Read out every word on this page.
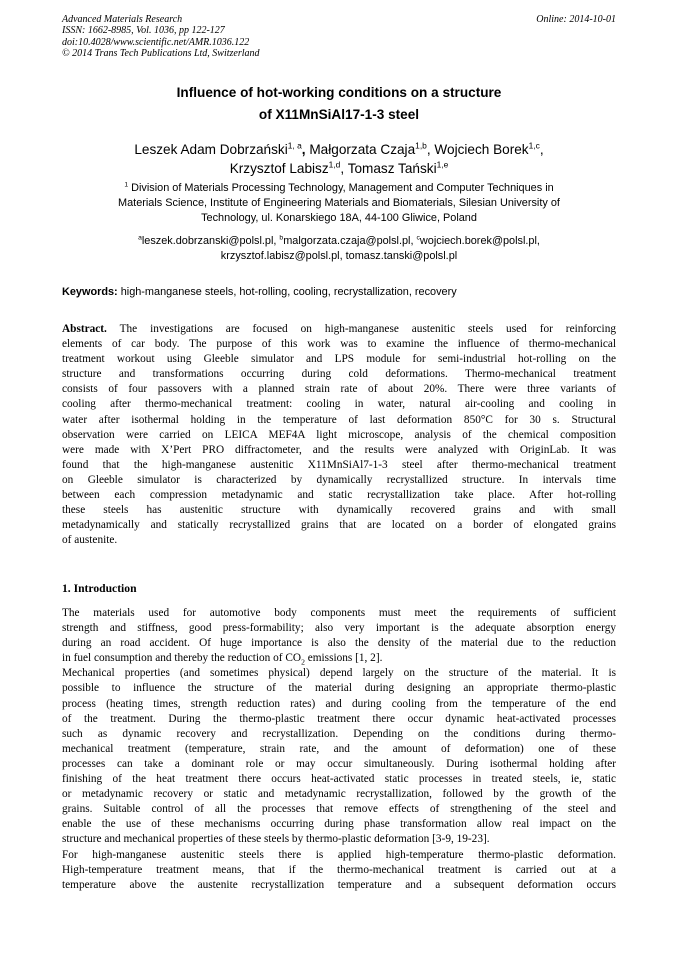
Advanced Materials Research
ISSN: 1662-8985, Vol. 1036, pp 122-127
doi:10.4028/www.scientific.net/AMR.1036.122
© 2014 Trans Tech Publications Ltd, Switzerland
Online: 2014-10-01
Influence of hot-working conditions on a structure
of X11MnSiAl17-1-3 steel
Leszek Adam Dobrzański$^{1, a}$, Małgorzata Czaja$^{1,b}$, Wojciech Borek$^{1,c}$,
Krzysztof Labisz$^{1,d}$, Tomasz Tański$^{1,e}$
$^1$ Division of Materials Processing Technology, Management and Computer Techniques in
Materials Science, Institute of Engineering Materials and Biomaterials, Silesian University of
Technology, ul. Konarskiego 18A, 44-100 Gliwice, Poland
$^a$leszek.dobrzanski@polsl.pl, $^b$malgorzata.czaja@polsl.pl, $^c$wojciech.borek@polsl.pl,
krzysztof.labisz@polsl.pl, tomasz.tanski@polsl.pl
Keywords: high-manganese steels, hot-rolling, cooling, recrystallization, recovery
Abstract. The investigations are focused on high-manganese austenitic steels used for reinforcing
elements of car body. The purpose of this work was to examine the influence of thermo-mechanical
treatment workout using Gleeble simulator and LPS module for semi-industrial hot-rolling on the
structure and transformations occurring during cold deformations. Thermo-mechanical treatment
consists of four passovers with a planned strain rate of about 20%. There were three variants of
cooling after thermo-mechanical treatment: cooling in water, natural air-cooling and cooling in
water after isothermal holding in the temperature of last deformation 850°C for 30 s. Structural
observation were carried on LEICA MEF4A light microscope, analysis of the chemical composition
were made with X’Pert PRO diffractometer, and the results were analyzed with OriginLab. It was
found that the high-manganese austenitic X11MnSiAl7-1-3 steel after thermo-mechanical treatment
on Gleeble simulator is characterized by dynamically recrystallized structure. In intervals time
between each compression metadynamic and static recrystallization take place. After hot-rolling
these steels has austenitic structure with dynamically recovered grains and with small
metadynamically and statically recrystallized grains that are located on a border of elongated grains
of austenite.
1. Introduction
The materials used for automotive body components must meet the requirements of sufficient
strength and stiffness, good press-formability; also very important is the adequate absorption energy
during an road accident. Of huge importance is also the density of the material due to the reduction
in fuel consumption and thereby the reduction of $CO_2$ emissions [1, 2].
Mechanical properties (and sometimes physical) depend largely on the structure of the material. It is
possible to influence the structure of the material during designing an appropriate thermo-plastic
process (heating times, strength reduction rates) and during cooling from the temperature of the end
of the treatment. During the thermo-plastic treatment there occur dynamic heat-activated processes
such as dynamic recovery and recrystallization. Depending on the conditions during thermo-
mechanical treatment (temperature, strain rate, and the amount of deformation) one of these
processes can take a dominant role or may occur simultaneously. During isothermal holding after
finishing of the heat treatment there occurs heat-activated static processes in treated steels, ie, static
or metadynamic recovery or static and metadynamic recrystallization, followed by the growth of the
grains. Suitable control of all the processes that remove effects of strengthening of the steel and
enable the use of these mechanisms occurring during phase transformation allow real impact on the
structure and mechanical properties of these steels by thermo-plastic deformation [3-9, 19-23].
For high-manganese austenitic steels there is applied high-temperature thermo-plastic deformation.
High-temperature treatment means, that if the thermo-mechanical treatment is carried out at a
temperature above the austenite recrystallization temperature and a subsequent deformation occurs
